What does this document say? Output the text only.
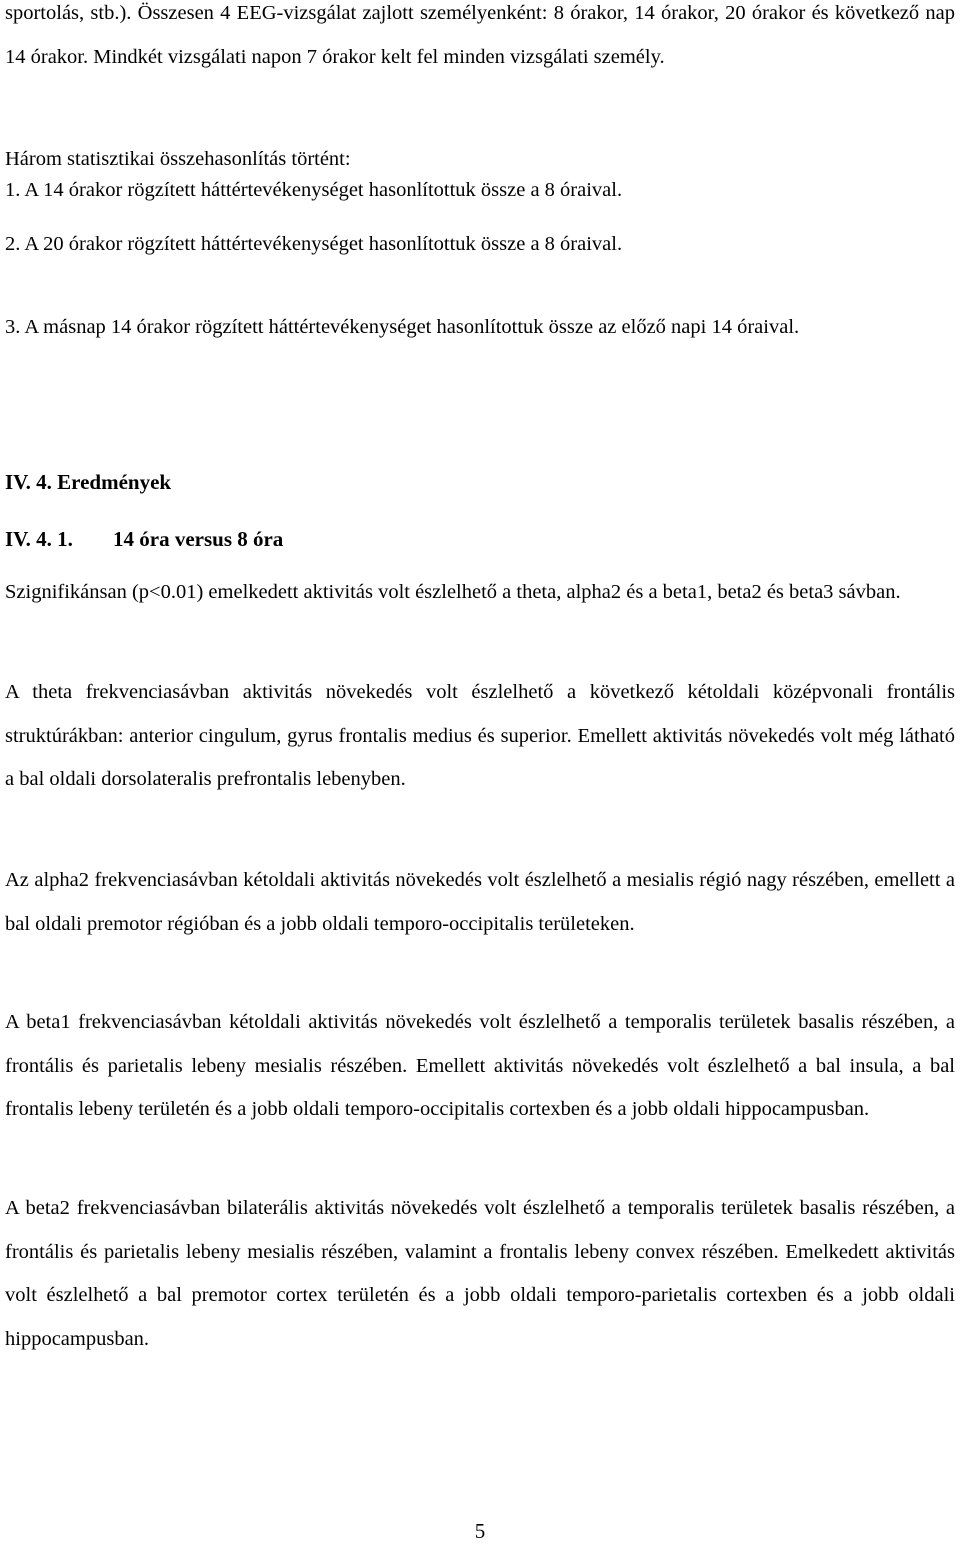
sportolás, stb.). Összesen 4 EEG-vizsgálat zajlott személyenként: 8 órakor, 14 órakor, 20 órakor és következő nap 14 órakor. Mindkét vizsgálati napon 7 órakor kelt fel minden vizsgálati személy.

Három statisztikai összehasonlítás történt:

1. A 14 órakor rögzített háttértevékenységet hasonlítottuk össze a 8 óraival.

2. A 20 órakor rögzített háttértevékenységet hasonlítottuk össze a 8 óraival.

3. A másnap 14 órakor rögzített háttértevékenységet hasonlítottuk össze az előző napi 14 óraival.

IV. 4. Eredmények

IV. 4. 1. 14 óra versus 8 óra

Szignifikánsan (p<0.01) emelkedett aktivitás volt észlelhető a theta, alpha2 és a beta1, beta2 és beta3 sávban.

A theta frekvenciasávban aktivitás növekedés volt észlelhető a következő kétoldali középvonali frontális struktúrákban: anterior cingulum, gyrus frontalis medius és superior. Emellett aktivitás növekedés volt még látható a bal oldali dorsolateralis prefrontalis lebenyben.

Az alpha2 frekvenciasávban kétoldali aktivitás növekedés volt észlelhető a mesialis régió nagy részében, emellett a bal oldali premotor régióban és a jobb oldali temporo-occipitalis területeken.

A beta1 frekvenciasávban kétoldali aktivitás növekedés volt észlelhető a temporalis területek basalis részében, a frontális és parietalis lebeny mesialis részében. Emellett aktivitás növekedés volt észlelhető a bal insula, a bal frontalis lebeny területén és a jobb oldali temporo-occipitalis cortexben és a jobb oldali hippocampusban.

A beta2 frekvenciasávban bilaterális aktivitás növekedés volt észlelhető a temporalis területek basalis részében, a frontális és parietalis lebeny mesialis részében, valamint a frontalis lebeny convex részében. Emelkedett aktivitás volt észlelhető a bal premotor cortex területén és a jobb oldali temporo-parietalis cortexben és a jobb oldali hippocampusban.

5
